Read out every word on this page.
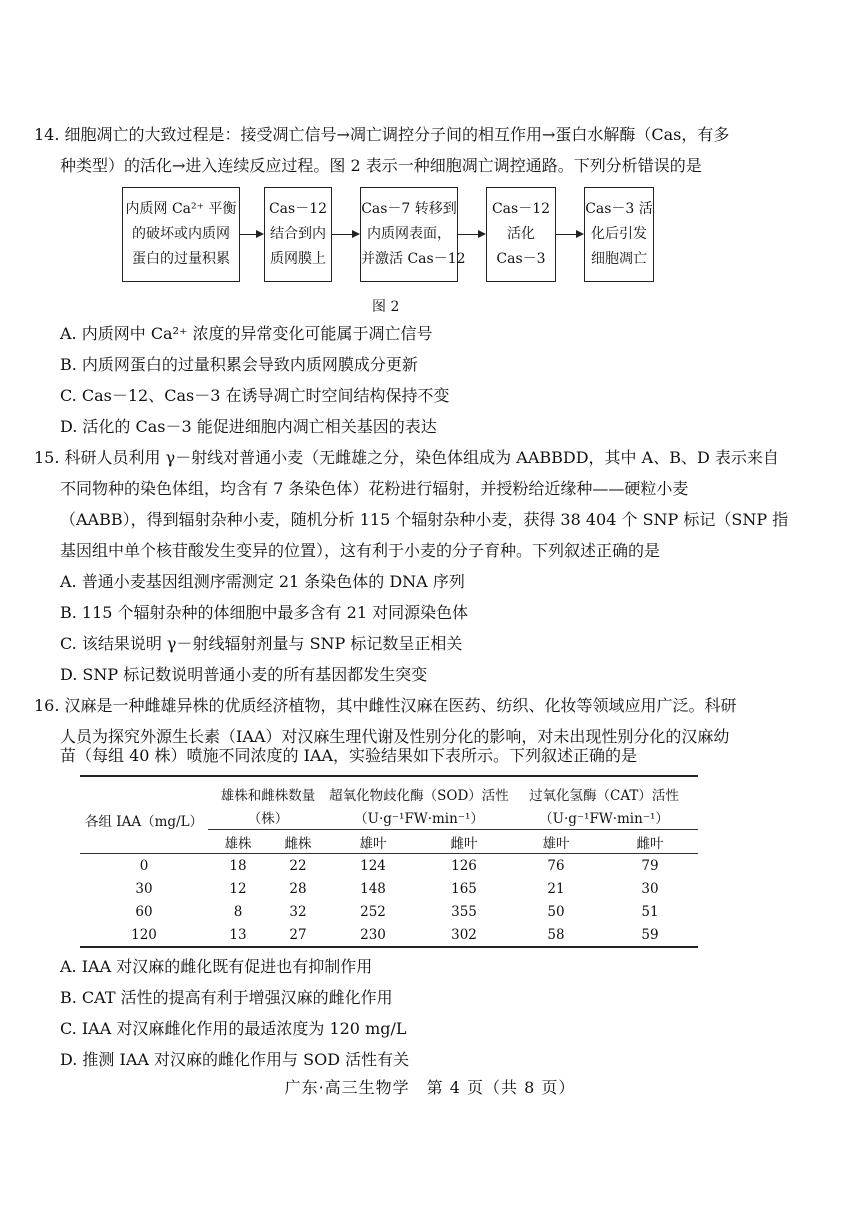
14. 细胞凋亡的大致过程是：接受凋亡信号→凋亡调控分子间的相互作用→蛋白水解酶（Cas，有多
种类型）的活化→进入连续反应过程。图 2 表示一种细胞凋亡调控通路。下列分析错误的是
内质网 Ca²⁺ 平衡
的破坏或内质网
蛋白的过量积累
Cas－12
结合到内
质网膜上
Cas－7 转移到
内质网表面，
并激活 Cas－12
Cas－12
活化
Cas－3
Cas－3 活
化后引发
细胞凋亡
图 2
A. 内质网中 Ca²⁺ 浓度的异常变化可能属于凋亡信号
B. 内质网蛋白的过量积累会导致内质网膜成分更新
C. Cas－12、Cas－3 在诱导凋亡时空间结构保持不变
D. 活化的 Cas－3 能促进细胞内凋亡相关基因的表达
15. 科研人员利用 γ－射线对普通小麦（无雌雄之分，染色体组成为 AABBDD，其中 A、B、D 表示来自
不同物种的染色体组，均含有 7 条染色体）花粉进行辐射，并授粉给近缘种——硬粒小麦
（AABB），得到辐射杂种小麦，随机分析 115 个辐射杂种小麦，获得 38 404 个 SNP 标记（SNP 指
基因组中单个核苷酸发生变异的位置），这有利于小麦的分子育种。下列叙述正确的是
A. 普通小麦基因组测序需测定 21 条染色体的 DNA 序列
B. 115 个辐射杂种的体细胞中最多含有 21 对同源染色体
C. 该结果说明 γ－射线辐射剂量与 SNP 标记数呈正相关
D. SNP 标记数说明普通小麦的所有基因都发生突变
16. 汉麻是一种雌雄异株的优质经济植物，其中雌性汉麻在医药、纺织、化妆等领域应用广泛。科研
人员为探究外源生长素（IAA）对汉麻生理代谢及性别分化的影响，对未出现性别分化的汉麻幼
苗（每组 40 株）喷施不同浓度的 IAA，实验结果如下表所示。下列叙述正确的是
各组 IAA（mg/L）	雄株和雌株数量		超氧化物歧化酶（SOD）活性		过氧化氢酶（CAT）活性	
	（株）		（U·g⁻¹FW·min⁻¹）		（U·g⁻¹FW·min⁻¹）	
	雄株	雌株	雄叶	雌叶	雄叶	雌叶
0	18	22	124	126	76	79
30	12	28	148	165	21	30
60	8	32	252	355	50	51
120	13	27	230	302	58	59
A. IAA 对汉麻的雌化既有促进也有抑制作用
B. CAT 活性的提高有利于增强汉麻的雌化作用
C. IAA 对汉麻雌化作用的最适浓度为 120 mg/L
D. 推测 IAA 对汉麻的雌化作用与 SOD 活性有关
广东·高三生物学　第 4 页（共 8 页）
